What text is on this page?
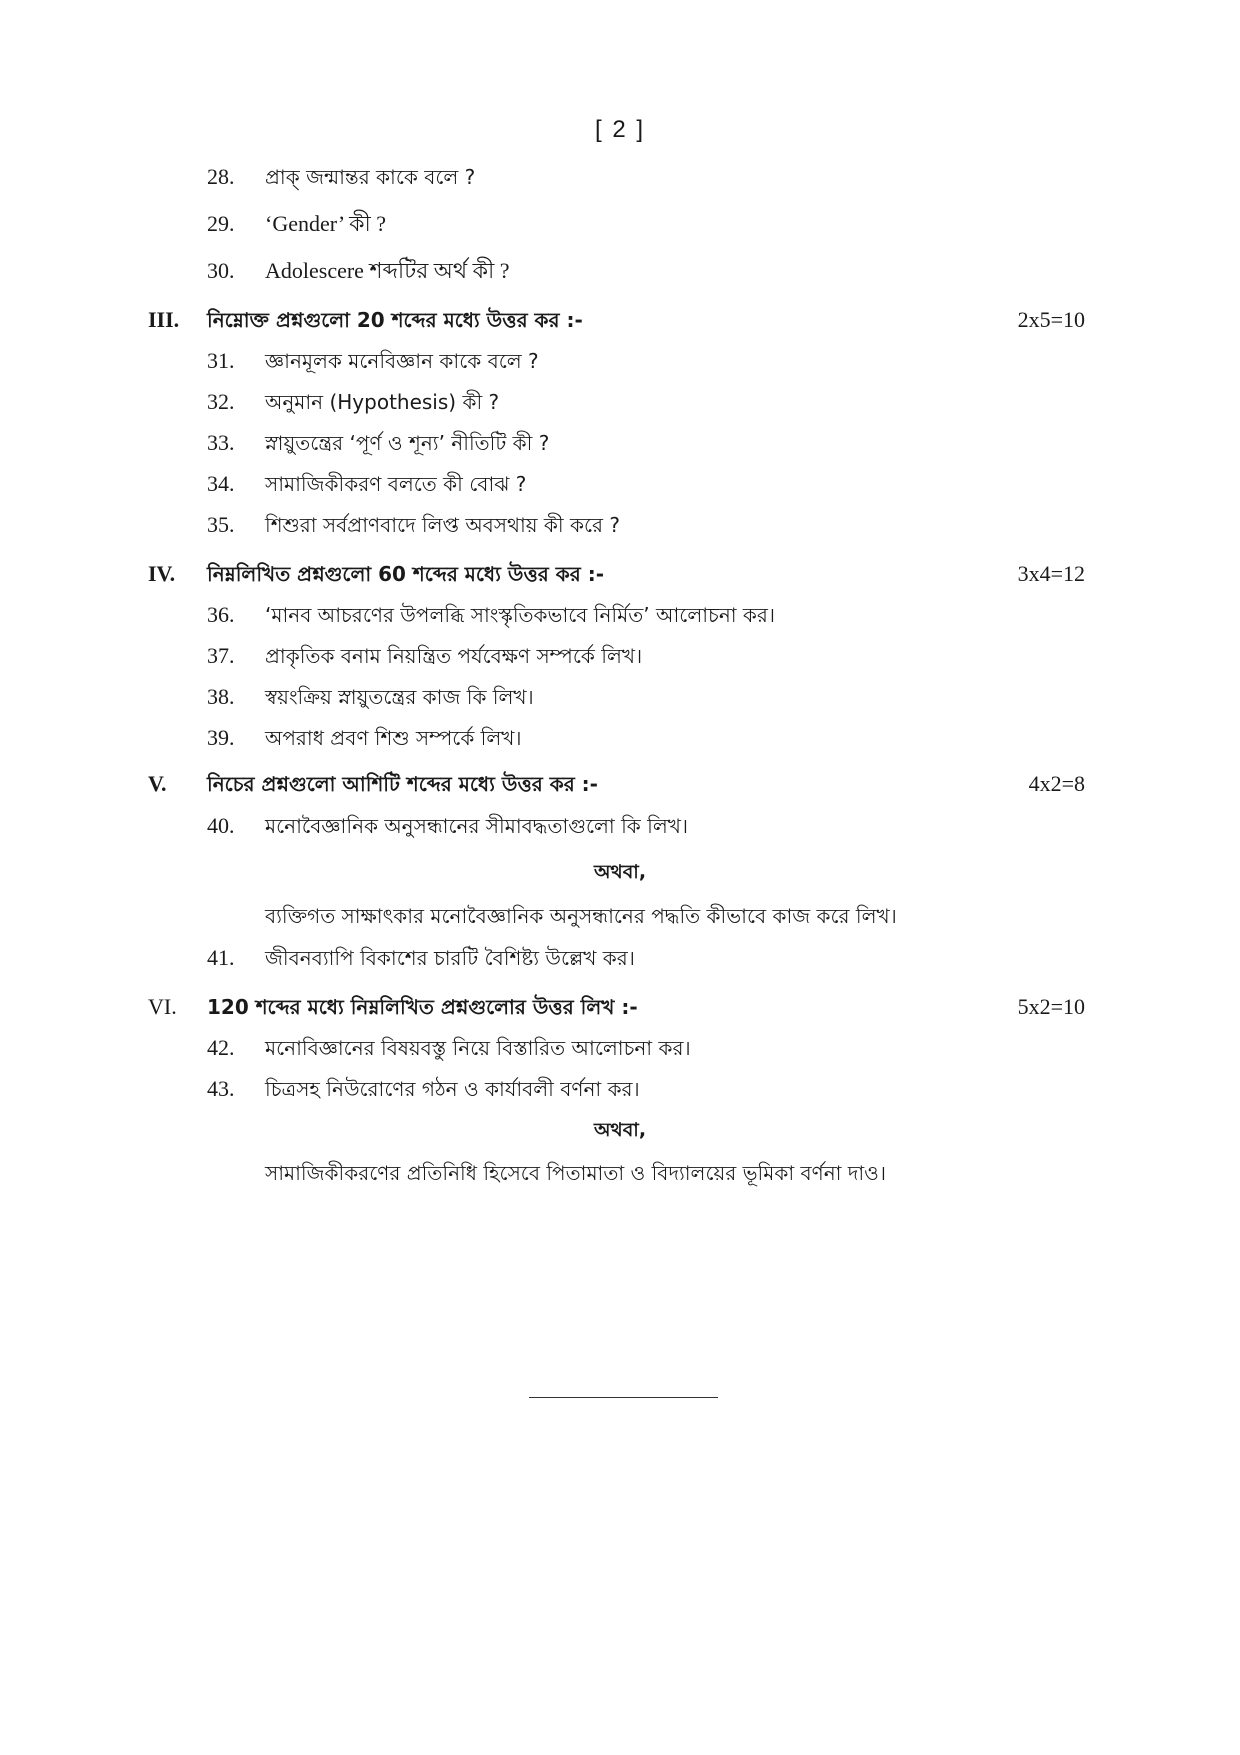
[ 2 ]
28. প্রাক্ জন্মান্তর কাকে বলে ?
29. ‘Gender’ কী ?
30. Adolescere শব্দটির অর্থ কী ?
III. নিম্নোক্ত প্রশ্নগুলো 20 শব্দের মধ্যে উত্তর কর :-	2x5=10
31. জ্ঞানমূলক মনেবিজ্ঞান কাকে বলে ?
32. অনুমান (Hypothesis) কী ?
33. স্নায়ুতন্ত্রের ‘পূর্ণ ও শূন্য’ নীতিটি কী ?
34. সামাজিকীকরণ বলতে কী বোঝ ?
35. শিশুরা সর্বপ্রাণবাদে লিপ্ত অবসথায় কী করে ?
IV. নিম্নলিখিত প্রশ্নগুলো 60 শব্দের মধ্যে উত্তর কর :-	3x4=12
36. ‘মানব আচরণের উপলব্ধি সাংস্কৃতিকভাবে নির্মিত’ আলোচনা কর।
37. প্রাকৃতিক বনাম নিয়ন্ত্রিত পর্যবেক্ষণ সম্পর্কে লিখ।
38. স্বয়ংক্রিয় স্নায়ুতন্ত্রের কাজ কি লিখ।
39. অপরাধ প্রবণ শিশু সম্পর্কে লিখ।
V. নিচের প্রশ্নগুলো আশিটি শব্দের মধ্যে উত্তর কর :-	4x2=8
40. মনোবৈজ্ঞানিক অনুসন্ধানের সীমাবদ্ধতাগুলো কি লিখ।
অথবা,
ব্যক্তিগত সাক্ষাৎকার মনোবৈজ্ঞানিক অনুসন্ধানের পদ্ধতি কীভাবে কাজ করে লিখ।
41. জীবনব্যাপি বিকাশের চারটি বৈশিষ্ট্য উল্লেখ কর।
VI. 120 শব্দের মধ্যে নিম্নলিখিত প্রশ্নগুলোর উত্তর লিখ :-	5x2=10
42. মনোবিজ্ঞানের বিষয়বস্তু নিয়ে বিস্তারিত আলোচনা কর।
43. চিত্রসহ নিউরোণের গঠন ও কার্যাবলী বর্ণনা কর।
অথবা,
সামাজিকীকরণের প্রতিনিধি হিসেবে পিতামাতা ও বিদ্যালয়ের ভূমিকা বর্ণনা দাও।
